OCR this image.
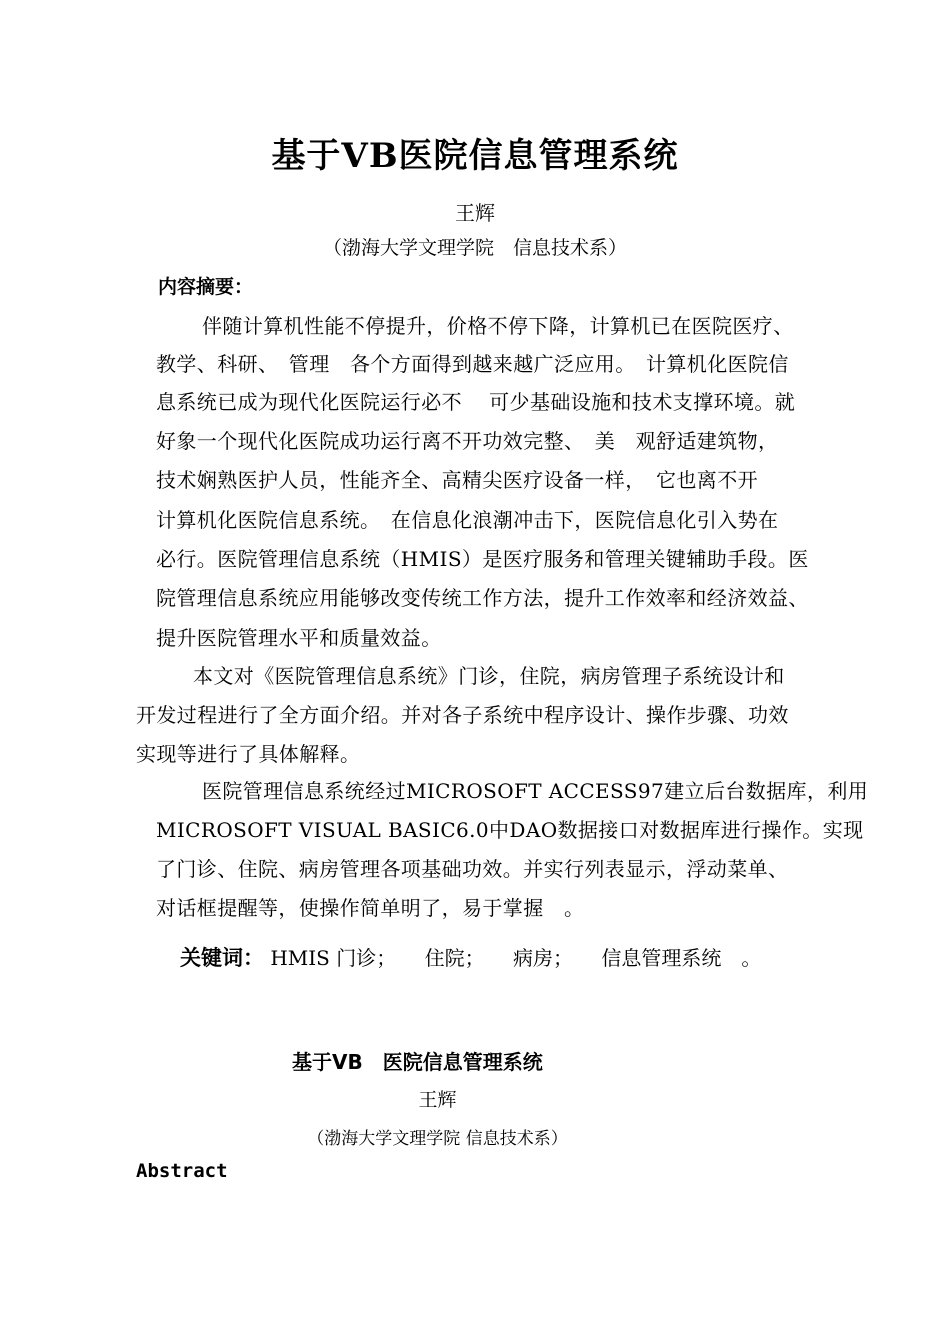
基于VB医院信息管理系统
王辉
（渤海大学文理学院　信息技术系）
内容摘要：
伴随计算机性能不停提升，价格不停下降，计算机已在医院医疗、
教学、科研、　管理　各个方面得到越来越广泛应用。　计算机化医院信
息系统已成为现代化医院运行必不　 可少基础设施和技术支撑环境。就
好象一个现代化医院成功运行离不开功效完整、　美　观舒适建筑物，
技术娴熟医护人员，性能齐全、高精尖医疗设备一样，　它也离不开
计算机化医院信息系统。　在信息化浪潮冲击下，医院信息化引入势在
必行。医院管理信息系统（HMIS）是医疗服务和管理关键辅助手段。医
院管理信息系统应用能够改变传统工作方法，提升工作效率和经济效益、
提升医院管理水平和质量效益。
本文对《医院管理信息系统》门诊，住院，病房管理子系统设计和
开发过程进行了全方面介绍。并对各子系统中程序设计、操作步骤、功效
实现等进行了具体解释。
医院管理信息系统经过MICROSOFT ACCESS97建立后台数据库，利用
MICROSOFT VISUAL BASIC6.0中DAO数据接口对数据库进行操作。实现
了门诊、住院、病房管理各项基础功效。并实行列表显示，浮动菜单、
对话框提醒等，使操作简单明了，易于掌握　。
关键词： HMIS 门诊； 住院； 病房； 信息管理系统　。
基于VB　医院信息管理系统
王辉
（渤海大学文理学院 信息技术系）
Abstract
